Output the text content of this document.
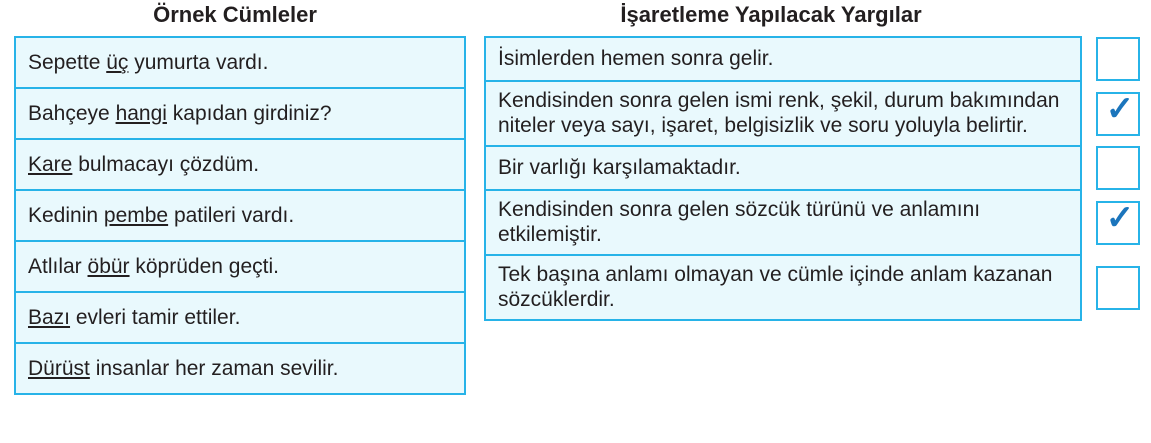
Örnek Cümleler
Sepette üç yumurta vardı.
Bahçeye hangi kapıdan girdiniz?
Kare bulmacayı çözdüm.
Kedinin pembe patileri vardı.
Atlılar öbür köprüden geçti.
Bazı evleri tamir ettiler.
Dürüst insanlar her zaman sevilir.
İşaretleme Yapılacak Yargılar
İsimlerden hemen sonra gelir.	

Kendisinden sonra gelen ismi renk, şekil, durum bakımından niteler veya sayı, işaret, belgisizlik ve soru yoluyla belirtir.	✓

Bir varlığı karşılamaktadır.	

Kendisinden sonra gelen sözcük türünü ve anlamını etkilemiştir.	✓

Tek başına anlamı olmayan ve cümle içinde anlam kazanan sözcüklerdir.	
